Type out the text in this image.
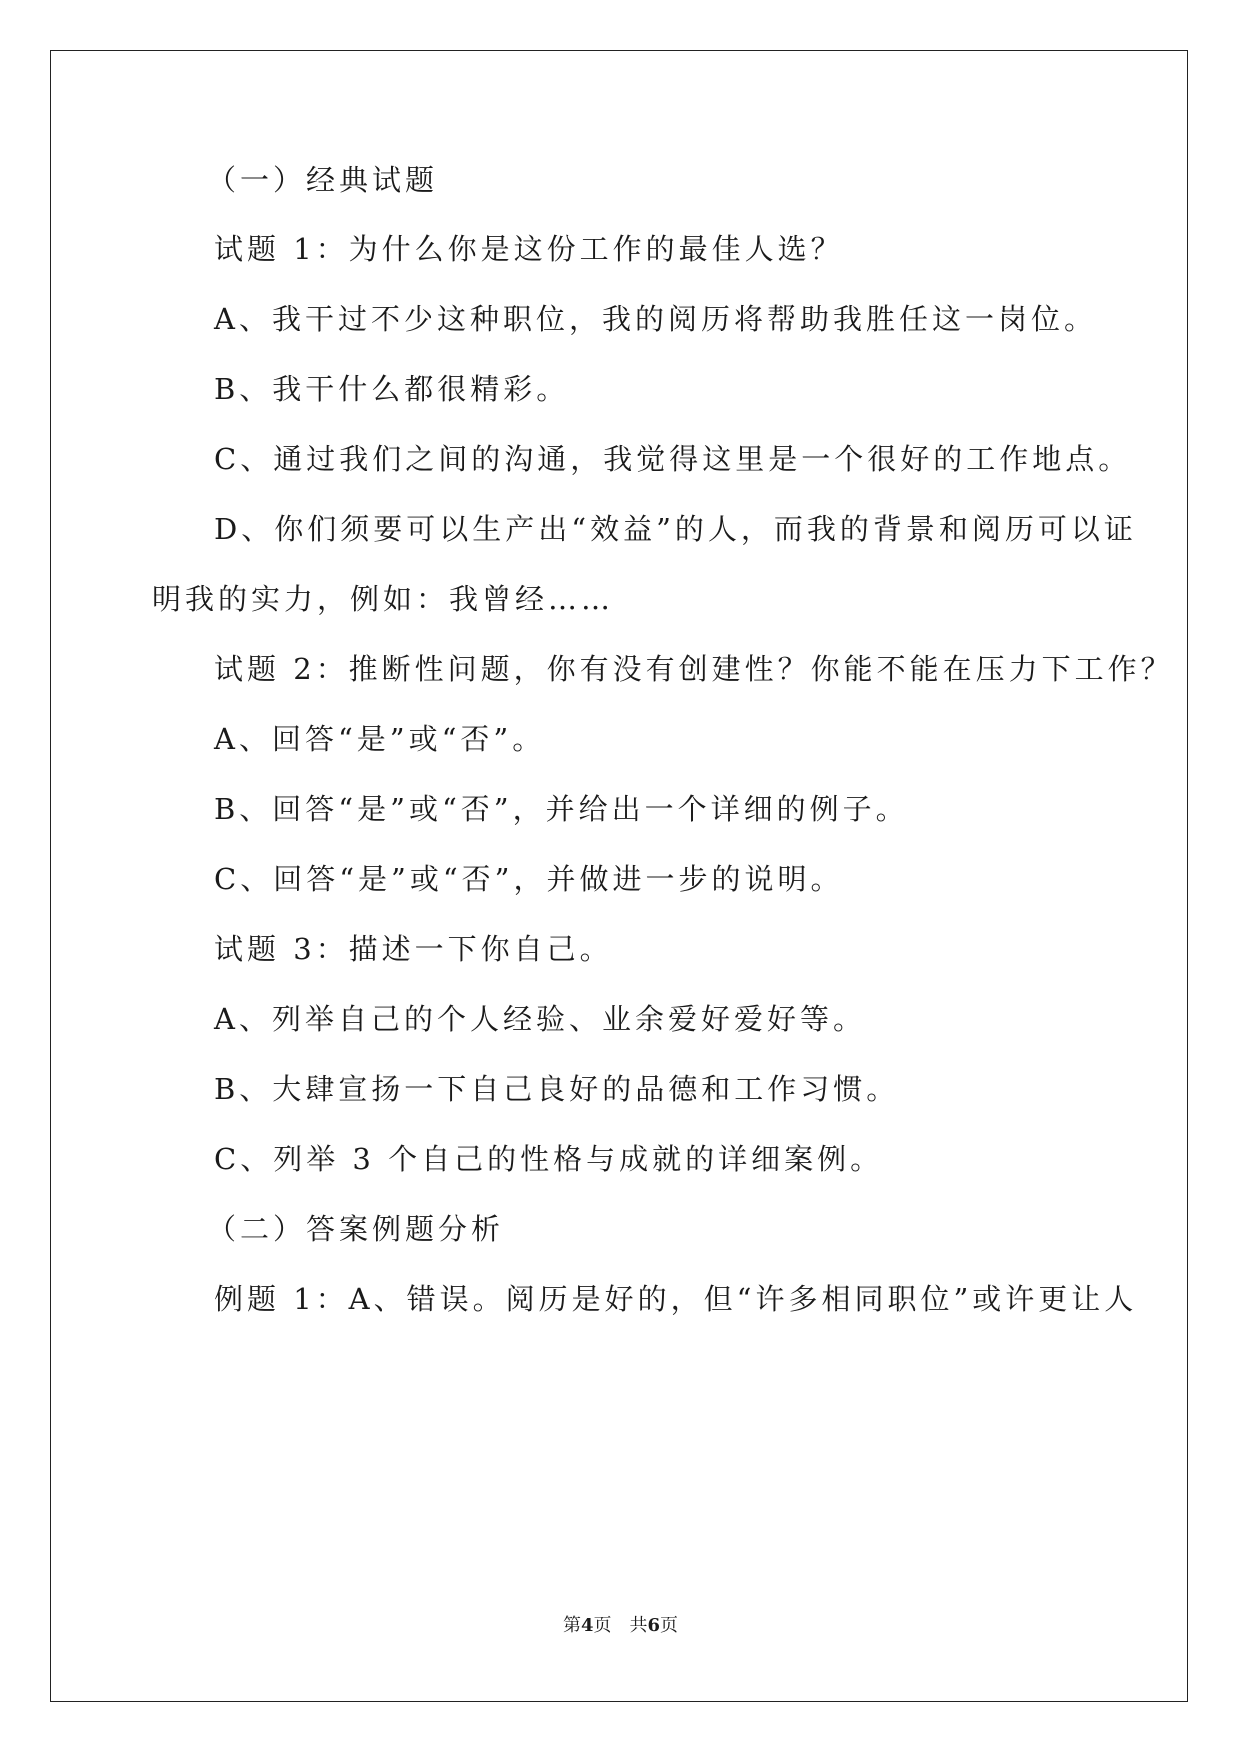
（一）经典试题
试题 1：为什么你是这份工作的最佳人选？
A、我干过不少这种职位，我的阅历将帮助我胜任这一岗位。
B、我干什么都很精彩。
C、通过我们之间的沟通，我觉得这里是一个很好的工作地点。
D、你们须要可以生产出“效益”的人，而我的背景和阅历可以证
明我的实力，例如：我曾经……
试题 2：推断性问题，你有没有创建性？你能不能在压力下工作？
A、回答“是”或“否”。
B、回答“是”或“否”，并给出一个详细的例子。
C、回答“是”或“否”，并做进一步的说明。
试题 3：描述一下你自己。
A、列举自己的个人经验、业余爱好爱好等。
B、大肆宣扬一下自己良好的品德和工作习惯。
C、列举 3 个自己的性格与成就的详细案例。
（二）答案例题分析
例题 1：A、错误。阅历是好的，但“许多相同职位”或许更让人
第4页 共6页
